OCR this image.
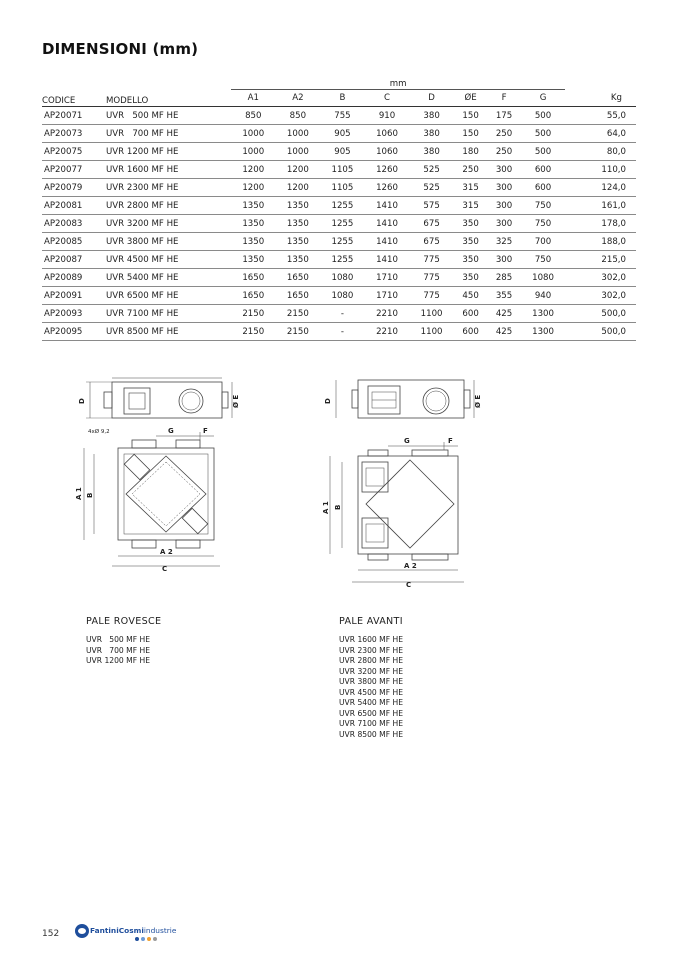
DIMENSIONI (mm)
CODICE	MODELLO	mm								
		A1	A2	B	C	D	ØE	F	G	Kg
AP20071	UVR   500 MF HE	850	850	755	910	380	150	175	500	55,0
AP20073	UVR   700 MF HE	1000	1000	905	1060	380	150	250	500	64,0
AP20075	UVR 1200 MF HE	1000	1000	905	1060	380	180	250	500	80,0
AP20077	UVR 1600 MF HE	1200	1200	1105	1260	525	250	300	600	110,0
AP20079	UVR 2300 MF HE	1200	1200	1105	1260	525	315	300	600	124,0
AP20081	UVR 2800 MF HE	1350	1350	1255	1410	575	315	300	750	161,0
AP20083	UVR 3200 MF HE	1350	1350	1255	1410	675	350	300	750	178,0
AP20085	UVR 3800 MF HE	1350	1350	1255	1410	675	350	325	700	188,0
AP20087	UVR 4500 MF HE	1350	1350	1255	1410	775	350	300	750	215,0
AP20089	UVR 5400 MF HE	1650	1650	1080	1710	775	350	285	1080	302,0
AP20091	UVR 6500 MF HE	1650	1650	1080	1710	775	450	355	940	302,0
AP20093	UVR 7100 MF HE	2150	2150	-	2210	1100	600	425	1300	500,0
AP20095	UVR 8500 MF HE	2150	2150	-	2210	1100	600	425	1300	500,0
D	Ø E
4xØ 9,2	G	F
A 1 B
A 2
C
D	Ø E
G	F
A 1 B
A 2
C
PALE ROVESCE
UVR   500 MF HE
UVR   700 MF HE
UVR 1200 MF HE
PALE AVANTI
UVR 1600 MF HE
UVR 2300 MF HE
UVR 2800 MF HE
UVR 3200 MF HE
UVR 3800 MF HE
UVR 4500 MF HE
UVR 5400 MF HE
UVR 6500 MF HE
UVR 7100 MF HE
UVR 8500 MF HE
152	FantiniCosmiindustrie
